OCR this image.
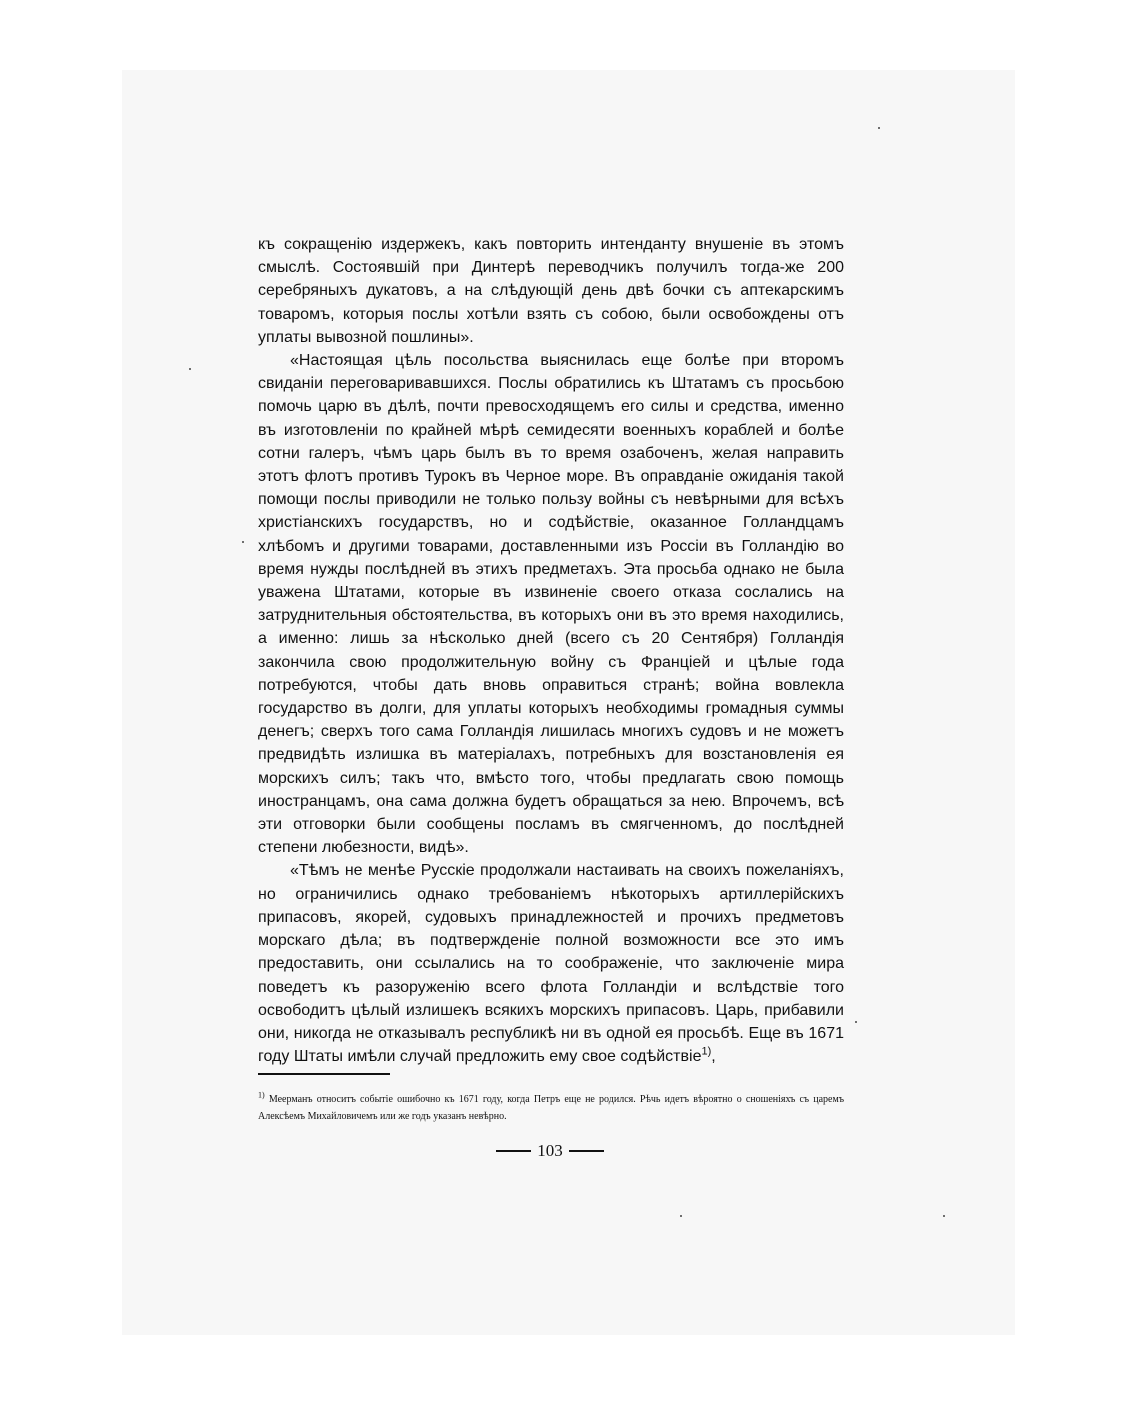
къ сокращенію издержекъ, какъ повторить интенданту внушеніе въ этомъ смыслѣ. Состоявшій при Динтерѣ переводчикъ получилъ тогда-же 200 серебряныхъ дукатовъ, а на слѣдующій день двѣ бочки съ аптекарскимъ товаромъ, которыя послы хотѣли взять съ собою, были освобождены отъ уплаты вывозной пошлины».

«Настоящая цѣль посольства выяснилась еще болѣе при второмъ свиданіи переговаривавшихся. Послы обратились къ Штатамъ съ просьбою помочь царю въ дѣлѣ, почти превосходящемъ его силы и средства, именно въ изготовленіи по крайней мѣрѣ семидесяти военныхъ кораблей и болѣе сотни галеръ, чѣмъ царь былъ въ то время озабоченъ, желая направить этотъ флотъ противъ Турокъ въ Черное море. Въ оправданіе ожиданія такой помощи послы приводили не только пользу войны съ невѣрными для всѣхъ христіанскихъ государствъ, но и содѣйствіе, оказанное Голландцамъ хлѣбомъ и другими товарами, доставленными изъ Россіи въ Голландію во время нужды послѣдней въ этихъ предметахъ. Эта просьба однако не была уважена Штатами, которые въ извиненіе своего отказа сослались на затруднительныя обстоятельства, въ которыхъ они въ это время находились, а именно: лишь за нѣсколько дней (всего съ 20 Сентября) Голландія закончила свою продолжительную войну съ Франціей и цѣлые года потребуются, чтобы дать вновь оправиться странѣ; война вовлекла государство въ долги, для уплаты которыхъ необходимы громадныя суммы денегъ; сверхъ того сама Голландія лишилась многихъ судовъ и не можетъ предвидѣть излишка въ матеріалахъ, потребныхъ для возстановленія ея морскихъ силъ; такъ что, вмѣсто того, чтобы предлагать свою помощь иностранцамъ, она сама должна будетъ обращаться за нею. Впрочемъ, всѣ эти отговорки были сообщены посламъ въ смягченномъ, до послѣдней степени любезности, видѣ».

«Тѣмъ не менѣе Русскіе продолжали настаивать на своихъ пожеланіяхъ, но ограничились однако требованіемъ нѣкоторыхъ артиллерійскихъ припасовъ, якорей, судовыхъ принадлежностей и прочихъ предметовъ морскаго дѣла; въ подтвержденіе полной возможности все это имъ предоставить, они ссылались на то соображеніе, что заключеніе мира поведетъ къ разоруженію всего флота Голландіи и вслѣдствіе того освободитъ цѣлый излишекъ всякихъ морскихъ припасовъ. Царь, прибавили они, никогда не отказывалъ республикѣ ни въ одной ея просьбѣ. Еще въ 1671 году Штаты имѣли случай предложить ему свое содѣйствіе$^{1)}$,

$^{1)}$ Меерманъ относитъ событіе ошибочно къ 1671 году, когда Петръ еще не родился. Рѣчь идетъ вѣроятно о сношеніяхъ съ царемъ Алексѣемъ Михайловичемъ или же годъ указанъ невѣрно.
103
